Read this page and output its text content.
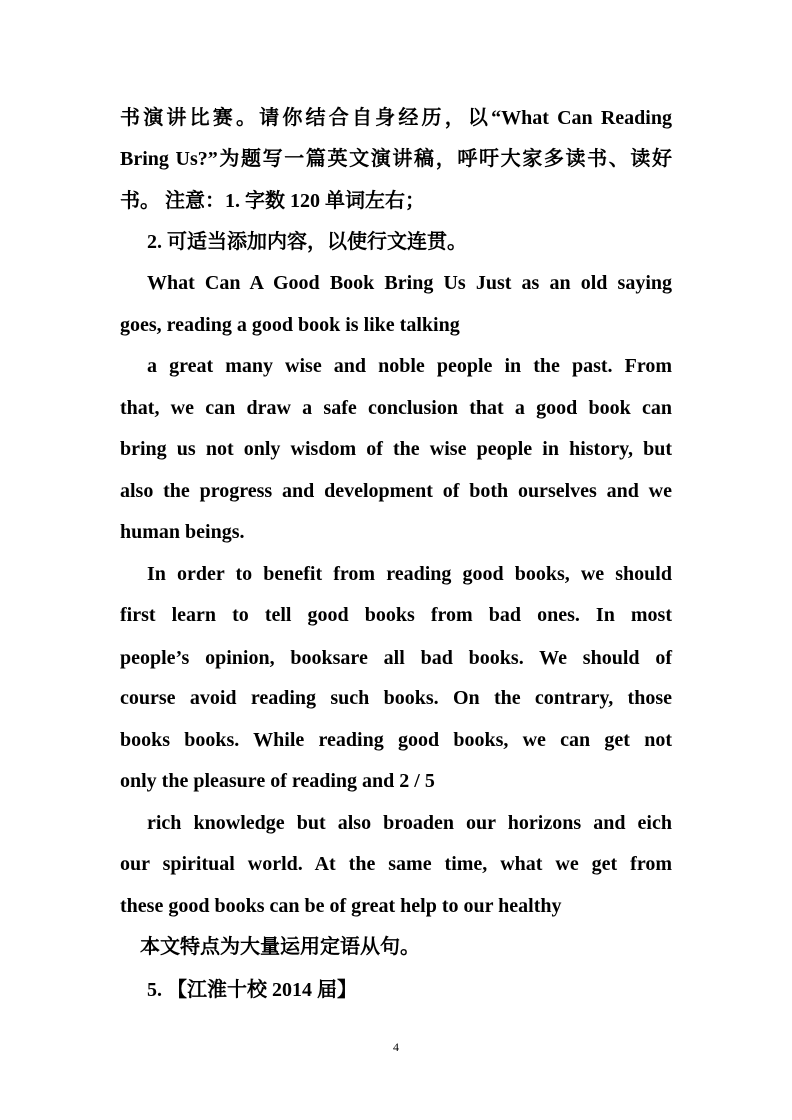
书演讲比赛。请你结合自身经历，以“What Can Reading
Bring Us?”为题写一篇英文演讲稿，呼吁大家多读书、读好
书。 注意：1. 字数 120 单词左右；
2. 可适当添加内容，以使行文连贯。
What Can A Good Book Bring Us Just as an old saying
goes, reading a good book is like talking
a great many wise and noble people in the past. From
that, we can draw a safe conclusion that a good book can
bring us not only wisdom of the wise people in history, but
also the progress and development of both ourselves and we
human beings.
In order to benefit from reading good books, we should
first learn to tell good books from bad ones. In most
people’s opinion, booksare all bad books. We should of
course avoid reading such books. On the contrary, those
books books. While reading good books, we can get not
only the pleasure of reading and 2 / 5
rich knowledge but also broaden our horizons and eich
our spiritual world. At the same time, what we get from
these good books can be of great help to our healthy
本文特点为大量运用定语从句。
5. 【江淮十校 2014 届】
4
